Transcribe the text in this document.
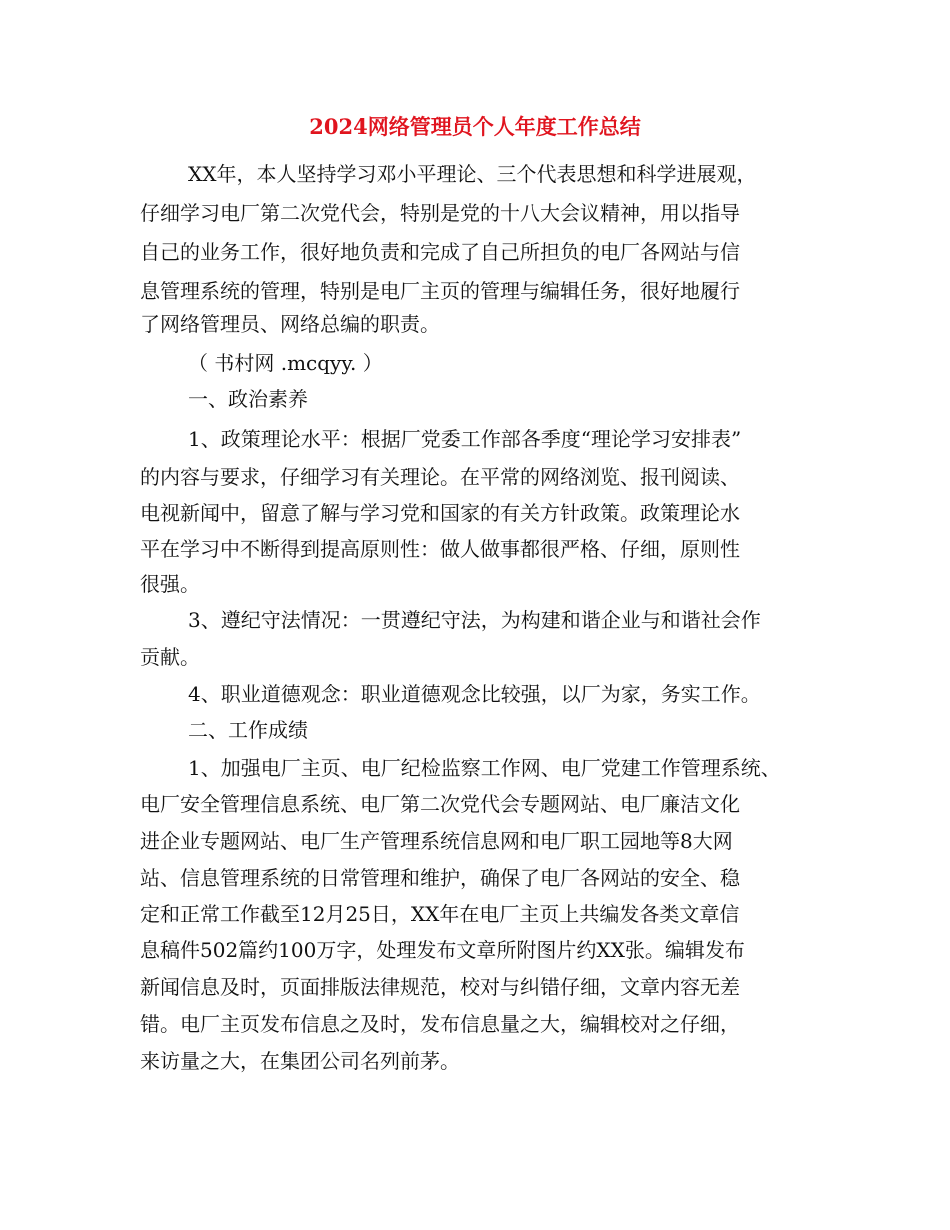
2024网络管理员个人年度工作总结
XX年，本人坚持学习邓小平理论、三个代表思想和科学进展观，
仔细学习电厂第二次党代会，特别是党的十八大会议精神，用以指导
自己的业务工作，很好地负责和完成了自己所担负的电厂各网站与信
息管理系统的管理，特别是电厂主页的管理与编辑任务，很好地履行
了网络管理员、网络总编的职责。
（ 书村网 .mcqyy. ）
一、政治素养
1、政策理论水平：根据厂党委工作部各季度“理论学习安排表”
的内容与要求，仔细学习有关理论。在平常的网络浏览、报刊阅读、
电视新闻中，留意了解与学习党和国家的有关方针政策。政策理论水
平在学习中不断得到提高原则性：做人做事都很严格、仔细，原则性
很强。
3、遵纪守法情况：一贯遵纪守法，为构建和谐企业与和谐社会作
贡献。
4、职业道德观念：职业道德观念比较强，以厂为家，务实工作。
二、工作成绩
1、加强电厂主页、电厂纪检监察工作网、电厂党建工作管理系统、
电厂安全管理信息系统、电厂第二次党代会专题网站、电厂廉洁文化
进企业专题网站、电厂生产管理系统信息网和电厂职工园地等8大网
站、信息管理系统的日常管理和维护，确保了电厂各网站的安全、稳
定和正常工作截至12月25日，XX年在电厂主页上共编发各类文章信
息稿件502篇约100万字，处理发布文章所附图片约XX张。编辑发布
新闻信息及时，页面排版法律规范，校对与纠错仔细，文章内容无差
错。电厂主页发布信息之及时，发布信息量之大，编辑校对之仔细，
来访量之大，在集团公司名列前茅。
